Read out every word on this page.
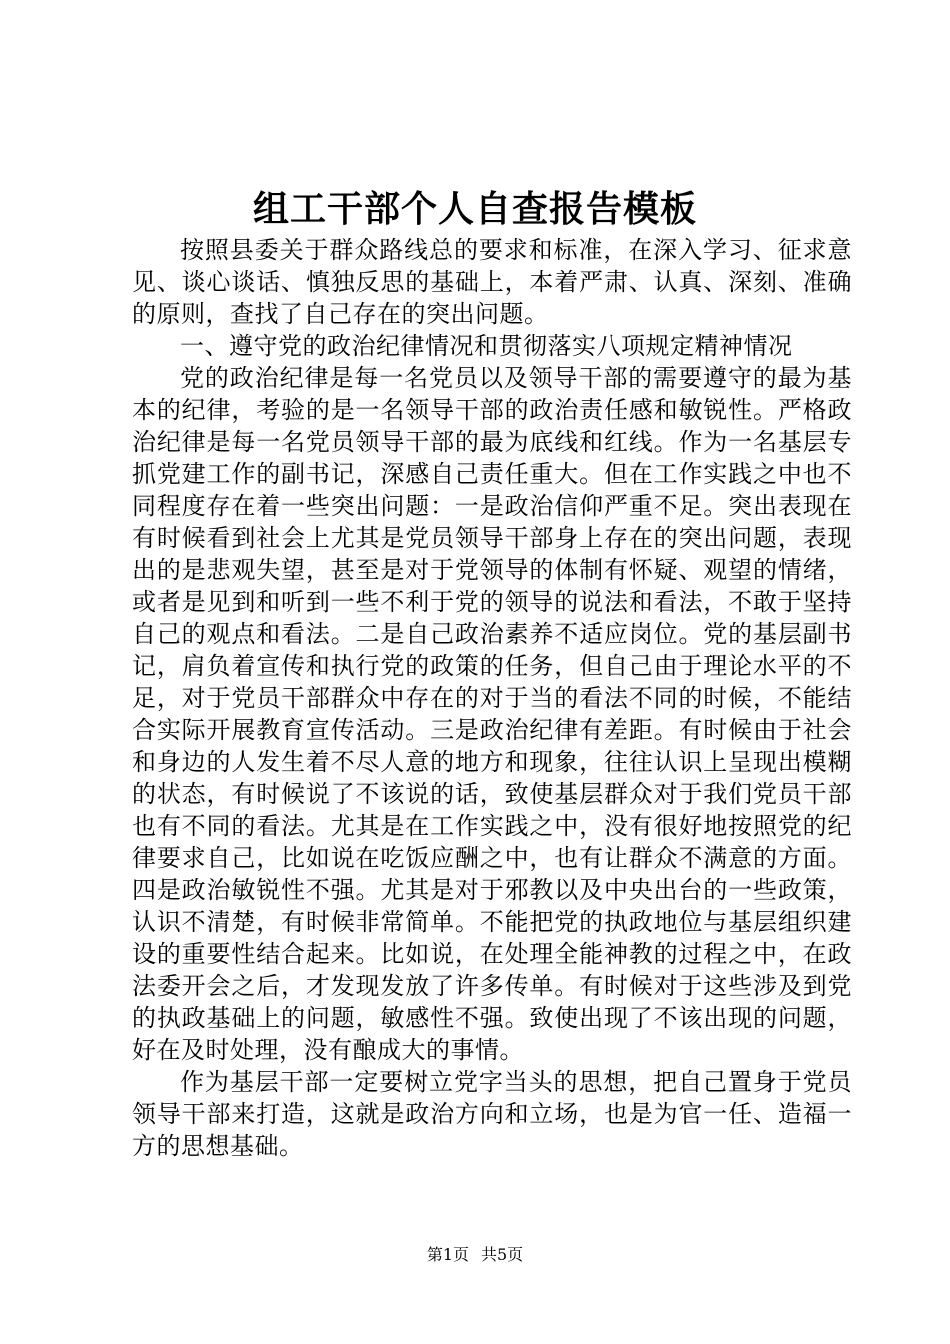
组工干部个人自查报告模板

按照县委关于群众路线总的要求和标准，在深入学习、征求意见、谈心谈话、慎独反思的基础上，本着严肃、认真、深刻、准确的原则，查找了自己存在的突出问题。

一、遵守党的政治纪律情况和贯彻落实八项规定精神情况

党的政治纪律是每一名党员以及领导干部的需要遵守的最为基本的纪律，考验的是一名领导干部的政治责任感和敏锐性。严格政治纪律是每一名党员领导干部的最为底线和红线。作为一名基层专抓党建工作的副书记，深感自己责任重大。但在工作实践之中也不同程度存在着一些突出问题：一是政治信仰严重不足。突出表现在有时候看到社会上尤其是党员领导干部身上存在的突出问题，表现出的是悲观失望，甚至是对于党领导的体制有怀疑、观望的情绪，或者是见到和听到一些不利于党的领导的说法和看法，不敢于坚持自己的观点和看法。二是自己政治素养不适应岗位。党的基层副书记，肩负着宣传和执行党的政策的任务，但自己由于理论水平的不足，对于党员干部群众中存在的对于当的看法不同的时候，不能结合实际开展教育宣传活动。三是政治纪律有差距。有时候由于社会和身边的人发生着不尽人意的地方和现象，往往认识上呈现出模糊的状态，有时候说了不该说的话，致使基层群众对于我们党员干部也有不同的看法。尤其是在工作实践之中，没有很好地按照党的纪律要求自己，比如说在吃饭应酬之中，也有让群众不满意的方面。四是政治敏锐性不强。尤其是对于邪教以及中央出台的一些政策，认识不清楚，有时候非常简单。不能把党的执政地位与基层组织建设的重要性结合起来。比如说，在处理全能神教的过程之中，在政法委开会之后，才发现发放了许多传单。有时候对于这些涉及到党的执政基础上的问题，敏感性不强。致使出现了不该出现的问题，好在及时处理，没有酿成大的事情。

作为基层干部一定要树立党字当头的思想，把自己置身于党员领导干部来打造，这就是政治方向和立场，也是为官一任、造福一方的思想基础。

第1页 共5页
